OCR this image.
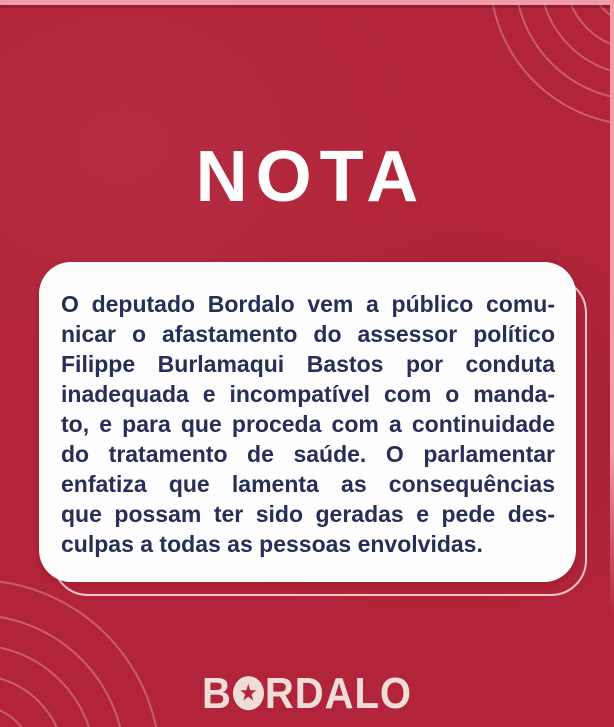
NOTA
O deputado Bordalo vem a público comu-
nicar o afastamento do assessor político
Filippe Burlamaqui Bastos por conduta
inadequada e incompatível com o manda-
to, e para que proceda com a continuidade
do tratamento de saúde. O parlamentar
enfatiza que lamenta as consequências
que possam ter sido geradas e pede des-
culpas a todas as pessoas envolvidas.
B ★ RDALO
